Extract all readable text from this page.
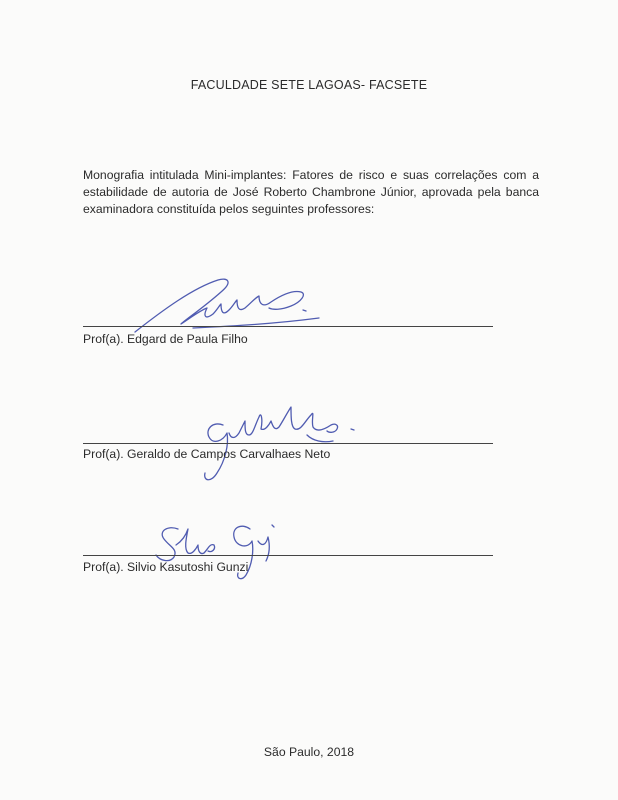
FACULDADE SETE LAGOAS- FACSETE

Monografia intitulada Mini-implantes: Fatores de risco e suas correlações com a estabilidade de autoria de José Roberto Chambrone Júnior, aprovada pela banca examinadora constituída pelos seguintes professores:

Prof(a). Edgard de Paula Filho
Prof(a). Geraldo de Campos Carvalhaes Neto
Prof(a). Silvio Kasutoshi Gunzi
São Paulo, 2018
